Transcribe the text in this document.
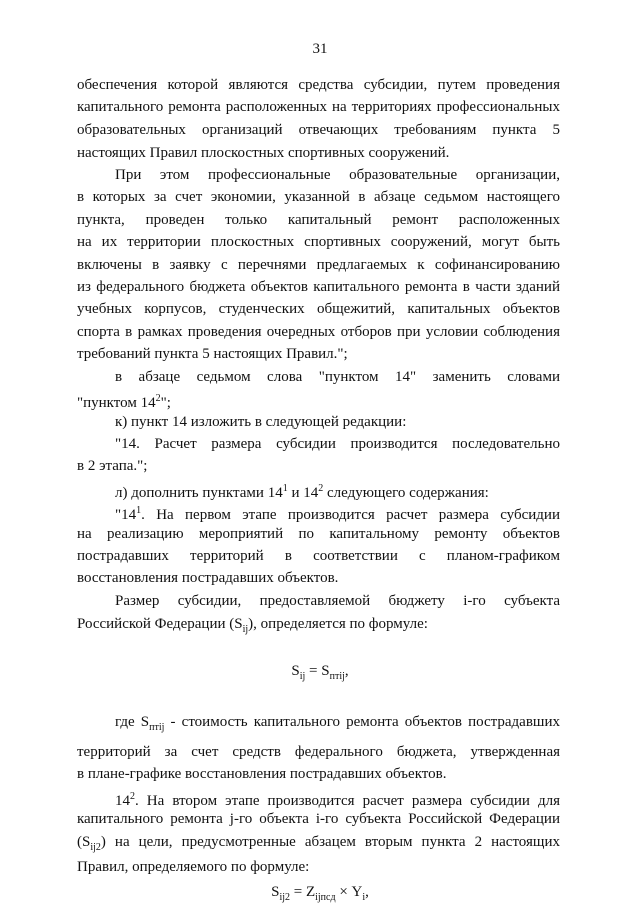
31
обеспечения которой являются средства субсидии, путем проведения
капитального ремонта расположенных на территориях профессиональных
образовательных организаций отвечающих требованиям пункта 5
настоящих Правил плоскостных спортивных сооружений.
При этом профессиональные образовательные организации,
в которых за счет экономии, указанной в абзаце седьмом настоящего
пункта, проведен только капитальный ремонт расположенных
на их территории плоскостных спортивных сооружений, могут быть
включены в заявку с перечнями предлагаемых к софинансированию
из федерального бюджета объектов капитального ремонта в части зданий
учебных корпусов, студенческих общежитий, капитальных объектов
спорта в рамках проведения очередных отборов при условии соблюдения
требований пункта 5 настоящих Правил.";
в абзаце седьмом слова "пунктом 14" заменить словами
"пунктом $14^2$";
к) пункт 14 изложить в следующей редакции:
"14. Расчет размера субсидии производится последовательно
в 2 этапа.";
л) дополнить пунктами $14^1$ и $14^2$ следующего содержания:
"$14^1$. На первом этапе производится расчет размера субсидии
на реализацию мероприятий по капитальному ремонту объектов
пострадавших территорий в соответствии с планом-графиком
восстановления пострадавших объектов.
Размер субсидии, предоставляемой бюджету i-го субъекта
Российской Федерации $(S_{ij})$, определяется по формуле:
$S_{ij} = S_{птij}$,
где $S_{птij}$ - стоимость капитального ремонта объектов пострадавших
территорий за счет средств федерального бюджета, утвержденная
в плане-графике восстановления пострадавших объектов.
$14^2$. На втором этапе производится расчет размера субсидии для
капитального ремонта j-го объекта i-го субъекта Российской Федерации
$(S_{ij2})$ на цели, предусмотренные абзацем вторым пункта 2 настоящих
Правил, определяемого по формуле:
$S_{ij2} = Z_{ijпсд} \times Y_i$,
